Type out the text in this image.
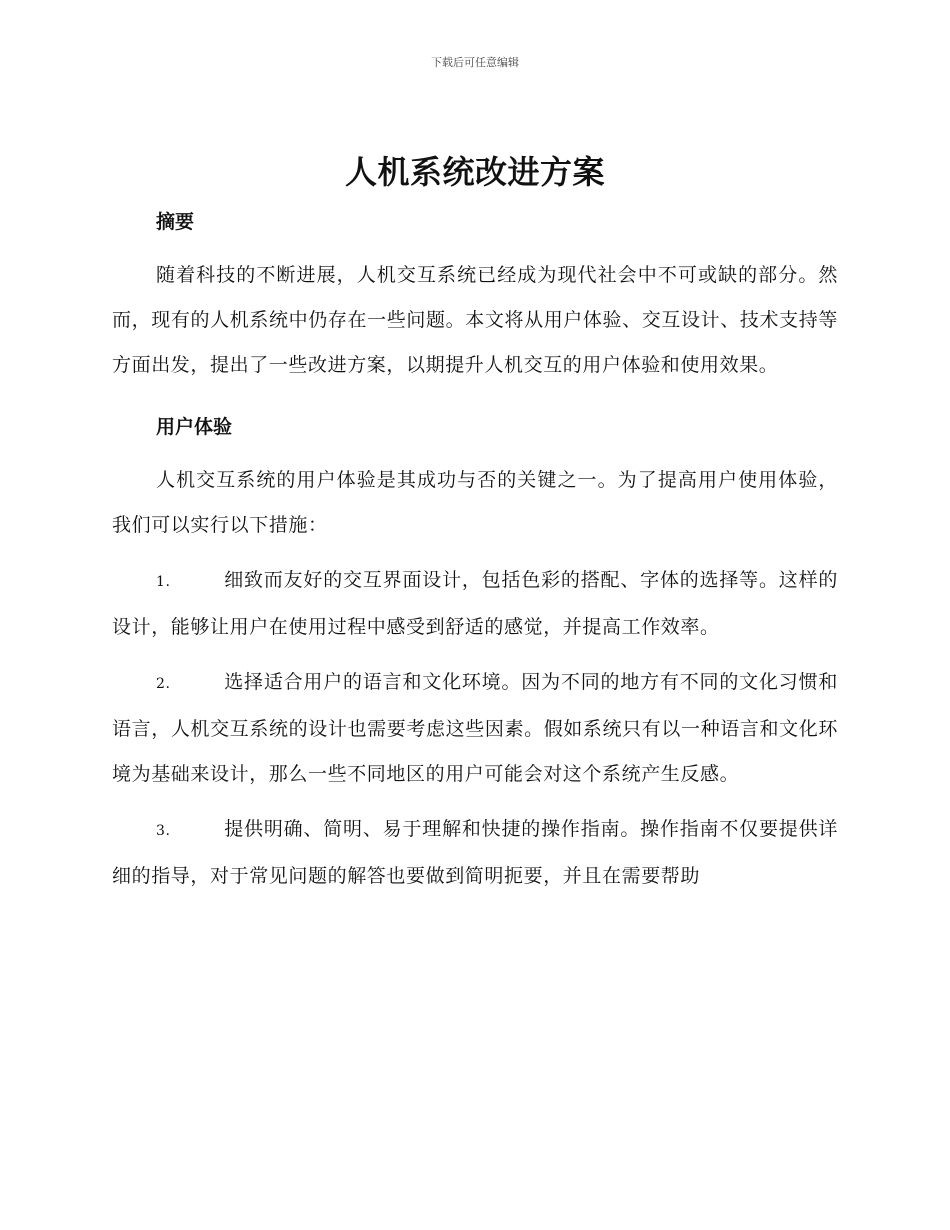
下载后可任意编辑
人机系统改进方案

摘要

随着科技的不断进展，人机交互系统已经成为现代社会中不可或缺的部分。然而，现有的人机系统中仍存在一些问题。本文将从用户体验、交互设计、技术支持等方面出发，提出了一些改进方案，以期提升人机交互的用户体验和使用效果。

用户体验

人机交互系统的用户体验是其成功与否的关键之一。为了提高用户使用体验，我们可以实行以下措施：

1.	细致而友好的交互界面设计，包括色彩的搭配、字体的选择等。这样的设计，能够让用户在使用过程中感受到舒适的感觉，并提高工作效率。

2.	选择适合用户的语言和文化环境。因为不同的地方有不同的文化习惯和语言，人机交互系统的设计也需要考虑这些因素。假如系统只有以一种语言和文化环境为基础来设计，那么一些不同地区的用户可能会对这个系统产生反感。

3.	提供明确、简明、易于理解和快捷的操作指南。操作指南不仅要提供详细的指导，对于常见问题的解答也要做到简明扼要，并且在需要帮助
